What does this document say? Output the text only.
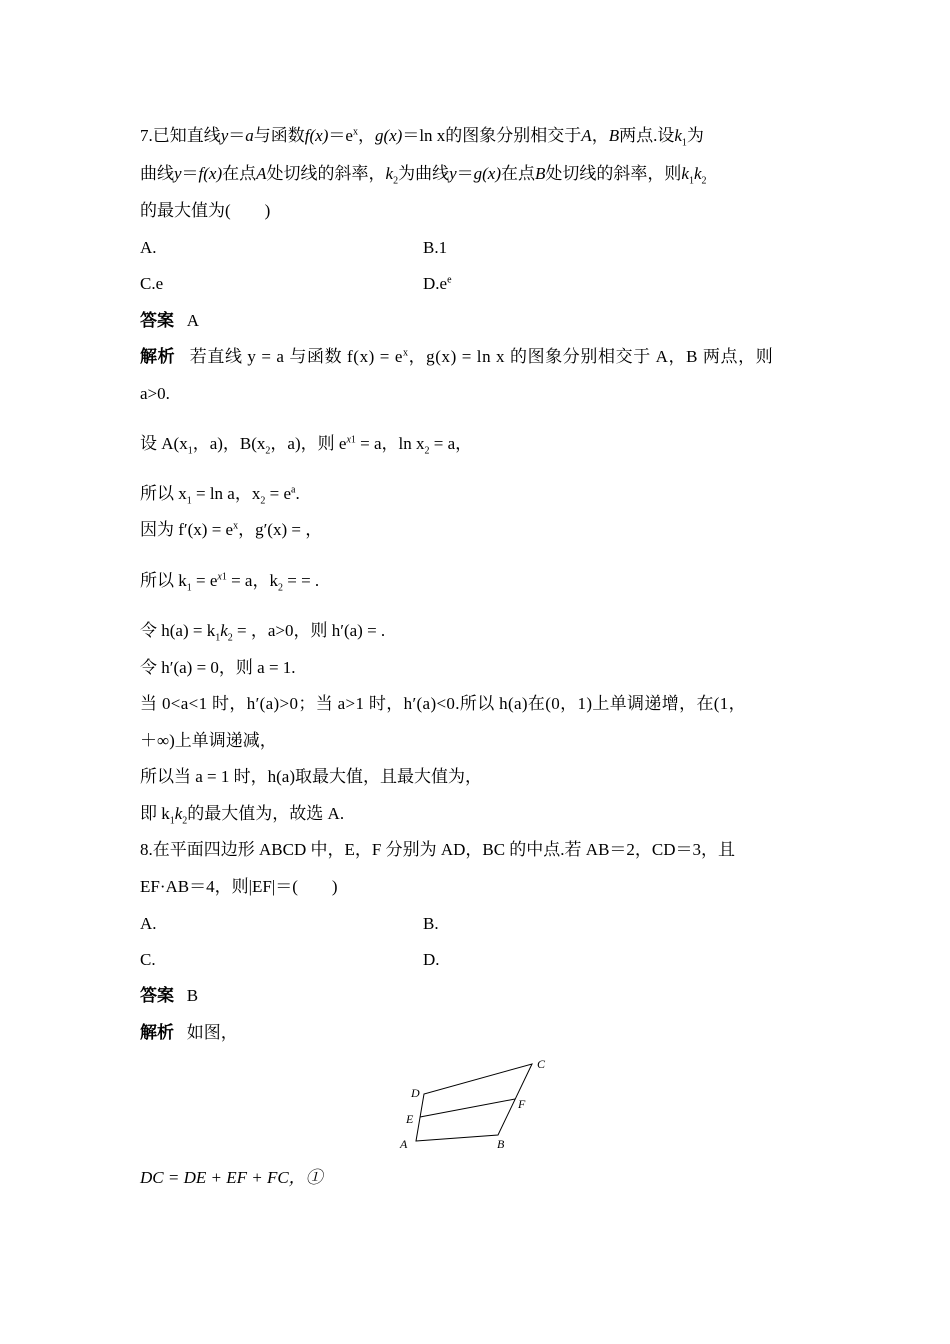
7.已知直线y＝a与函数$f(x)=e^x$，g(x)＝ln x的图象分别相交于A，B两点.设$k_1$为
曲线y＝f(x)在点A处切线的斜率，$k_2$为曲线y＝g(x)在点B处切线的斜率，则$k_1k_2$
的最大值为(　　)
A.	B.1
C.e	$D.e^e$
答案 A
解析 若直线 y = a 与函数 $f(x) = e^x$，g(x) = ln x 的图象分别相交于 A，B 两点，则
a>0.
设 $A(x_1$，a)，$B(x_2$，a)，则 $e^{x1} = a$，$\ln x_2 = a$，
所以 $x_1 = \ln a$，$x_2 = e^a$.
因为 $f'(x) = e^x$，g′(x) = ，
所以 $k_1 = e^{x1} = a$，$k_2$ = = .
令 $h(a) = k_1k_2$ = ，a>0，则 h′(a) = .
令 h′(a) = 0，则 a = 1.
当 0<a<1 时，h′(a)>0；当 a>1 时，h′(a)<0.所以 h(a)在(0，1)上单调递增，在(1，
＋∞)上单调递减，
所以当 a = 1 时，h(a)取最大值，且最大值为，
即 $k_1k_2$的最大值为，故选 A.
8.在平面四边形 ABCD 中，E，F 分别为 AD，BC 的中点.若 AB＝2，CD＝3，且
EF·AB＝4，则|EF|＝(　　)
A.	B.
C.	D.
答案 B
解析 如图，
A	B
C
D
E
F
DC = DE + EF + FC，①
